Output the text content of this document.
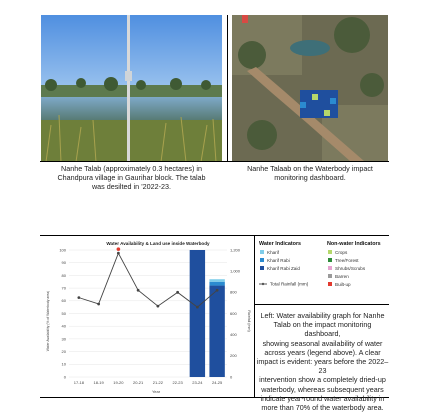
Nanhe Talab (approximately 0.3 hectares) in
Chandpura village in Gaurihar block. The talab
was desilted in ’2022-23.
Nanhe Talaab on the Waterbody impact
monitoring dashboard.
Water Availability & Land use inside Waterbody
0
10
20
30
40
50
60
70
80
90
100
0
200
400
600
800
1,000
1,200
17-18 18-19 19-20 20-21 21-22 22-23 23-24 24-25
Year
Water Availability (% of Waterbody area)	Rainfall (mm)
Water Indicators	Non-water Indicators
Kharif
Kharif Rabi
Kharif Rabi Zaid
Total Rainfall (mm)
Crops
Tree/Forest
Shrubs/Scrubs
Barren
Built-up
Left: Water availability graph for Nanhe
Talab on the impact monitoring dashboard,
showing seasonal availability of water
across years (legend above). A clear
impact is evident: years before the 2022–23
intervention show a completely dried-up
waterbody, whereas subsequent years
indicate year-round water availability in
more than 70% of the waterbody area.
